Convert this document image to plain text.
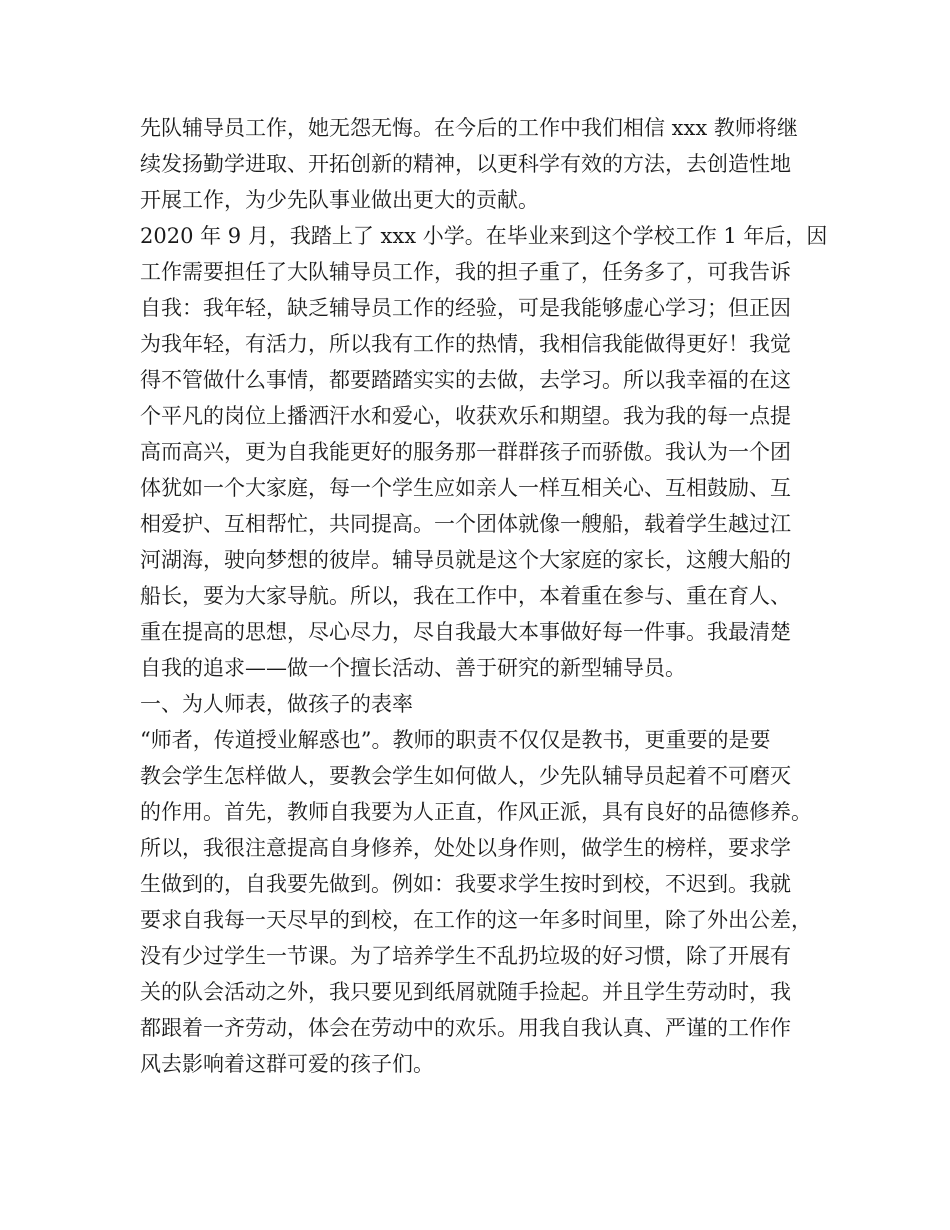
先队辅导员工作，她无怨无悔。在今后的工作中我们相信 xxx 教师将继
续发扬勤学进取、开拓创新的精神，以更科学有效的方法，去创造性地
开展工作，为少先队事业做出更大的贡献。
2020 年 9 月，我踏上了 xxx 小学。在毕业来到这个学校工作 1 年后，因
工作需要担任了大队辅导员工作，我的担子重了，任务多了，可我告诉
自我：我年轻，缺乏辅导员工作的经验，可是我能够虚心学习；但正因
为我年轻，有活力，所以我有工作的热情，我相信我能做得更好！我觉
得不管做什么事情，都要踏踏实实的去做，去学习。所以我幸福的在这
个平凡的岗位上播洒汗水和爱心，收获欢乐和期望。我为我的每一点提
高而高兴，更为自我能更好的服务那一群群孩子而骄傲。我认为一个团
体犹如一个大家庭，每一个学生应如亲人一样互相关心、互相鼓励、互
相爱护、互相帮忙，共同提高。一个团体就像一艘船，载着学生越过江
河湖海，驶向梦想的彼岸。辅导员就是这个大家庭的家长，这艘大船的
船长，要为大家导航。所以，我在工作中，本着重在参与、重在育人、
重在提高的思想，尽心尽力，尽自我最大本事做好每一件事。我最清楚
自我的追求——做一个擅长活动、善于研究的新型辅导员。
一、为人师表，做孩子的表率
“师者，传道授业解惑也”。教师的职责不仅仅是教书，更重要的是要
教会学生怎样做人，要教会学生如何做人，少先队辅导员起着不可磨灭
的作用。首先，教师自我要为人正直，作风正派，具有良好的品德修养。
所以，我很注意提高自身修养，处处以身作则，做学生的榜样，要求学
生做到的，自我要先做到。例如：我要求学生按时到校，不迟到。我就
要求自我每一天尽早的到校，在工作的这一年多时间里，除了外出公差，
没有少过学生一节课。为了培养学生不乱扔垃圾的好习惯，除了开展有
关的队会活动之外，我只要见到纸屑就随手捡起。并且学生劳动时，我
都跟着一齐劳动，体会在劳动中的欢乐。用我自我认真、严谨的工作作
风去影响着这群可爱的孩子们。
